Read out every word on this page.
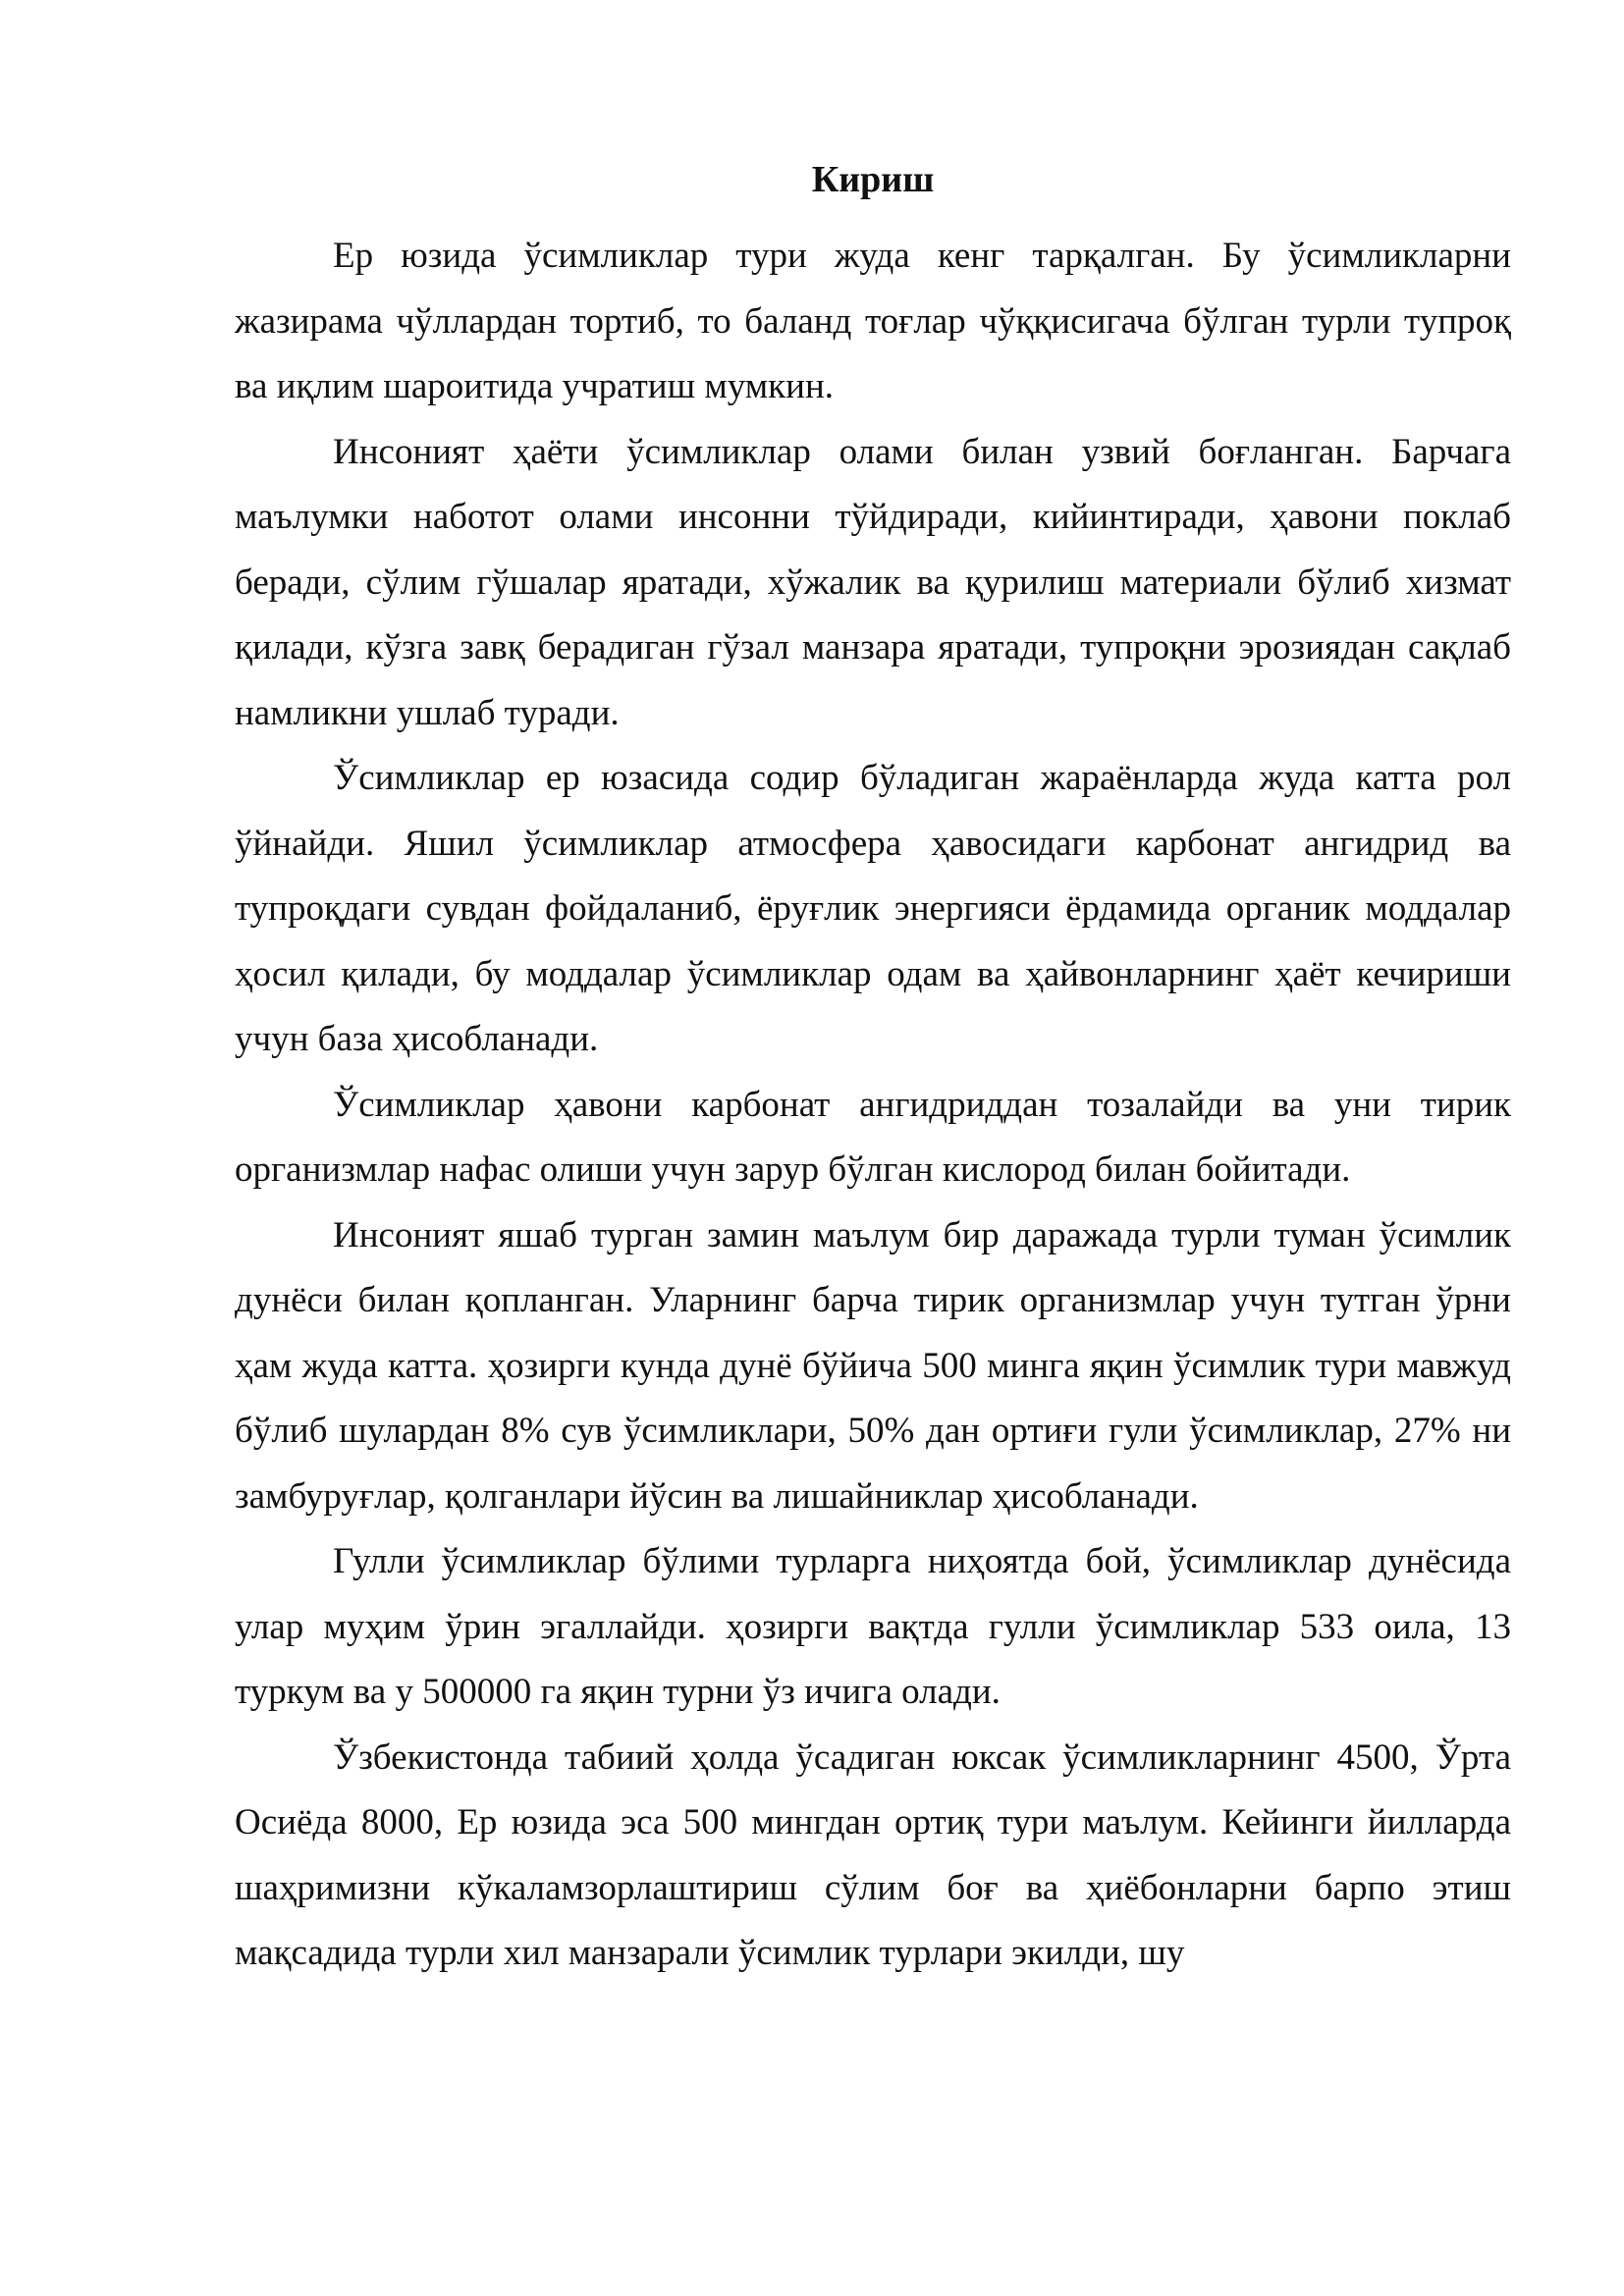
Кириш

Ер юзида ўсимликлар тури жуда кенг тарқалган. Бу ўсимликларни жазирама чўллардан тортиб, то баланд тоғлар чўққисигача бўлган турли тупроқ ва иқлим шароитида учратиш мумкин.

Инсоният ҳаёти ўсимликлар олами билан узвий боғланган. Барчага маълумки наботот олами инсонни тўйдиради, кийинтиради, ҳавони поклаб беради, сўлим гўшалар яратади, хўжалик ва қурилиш материали бўлиб хизмат қилади, кўзга завқ берадиган гўзал манзара яратади, тупроқни эрозиядан сақлаб намликни ушлаб туради.

Ўсимликлар ер юзасида содир бўладиган жараёнларда жуда катта рол ўйнайди. Яшил ўсимликлар атмосфера ҳавосидаги карбонат ангидрид ва тупроқдаги сувдан фойдаланиб, ёруғлик энергияси ёрдамида органик моддалар ҳосил қилади, бу моддалар ўсимликлар одам ва ҳайвонларнинг ҳаёт кечириши учун база ҳисобланади.

Ўсимликлар ҳавони карбонат ангидриддан тозалайди ва уни тирик организмлар нафас олиши учун зарур бўлган кислород билан бойитади.

Инсоният яшаб турган замин маълум бир даражада турли туман ўсимлик дунёси билан қопланган. Уларнинг барча тирик организмлар учун тутган ўрни ҳам жуда катта. ҳозирги кунда дунё бўйича 500 минга яқин ўсимлик тури мавжуд бўлиб шулардан 8% сув ўсимликлари, 50% дан ортиғи гули ўсимликлар, 27% ни замбуруғлар, қолганлари йўсин ва лишайниклар ҳисобланади.

Гулли ўсимликлар бўлими турларга ниҳоятда бой, ўсимликлар дунёсида улар муҳим ўрин эгаллайди. ҳозирги вақтда гулли ўсимликлар 533 оила, 13 туркум ва у 500000 га яқин турни ўз ичига олади.

Ўзбекистонда табиий ҳолда ўсадиган юксак ўсимликларнинг 4500, Ўрта Осиёда 8000, Ер юзида эса 500 мингдан ортиқ тури маълум. Кейинги йилларда шаҳримизни кўкаламзорлаштириш сўлим боғ ва ҳиёбонларни барпо этиш мақсадида турли хил манзарали ўсимлик турлари экилди, шу
